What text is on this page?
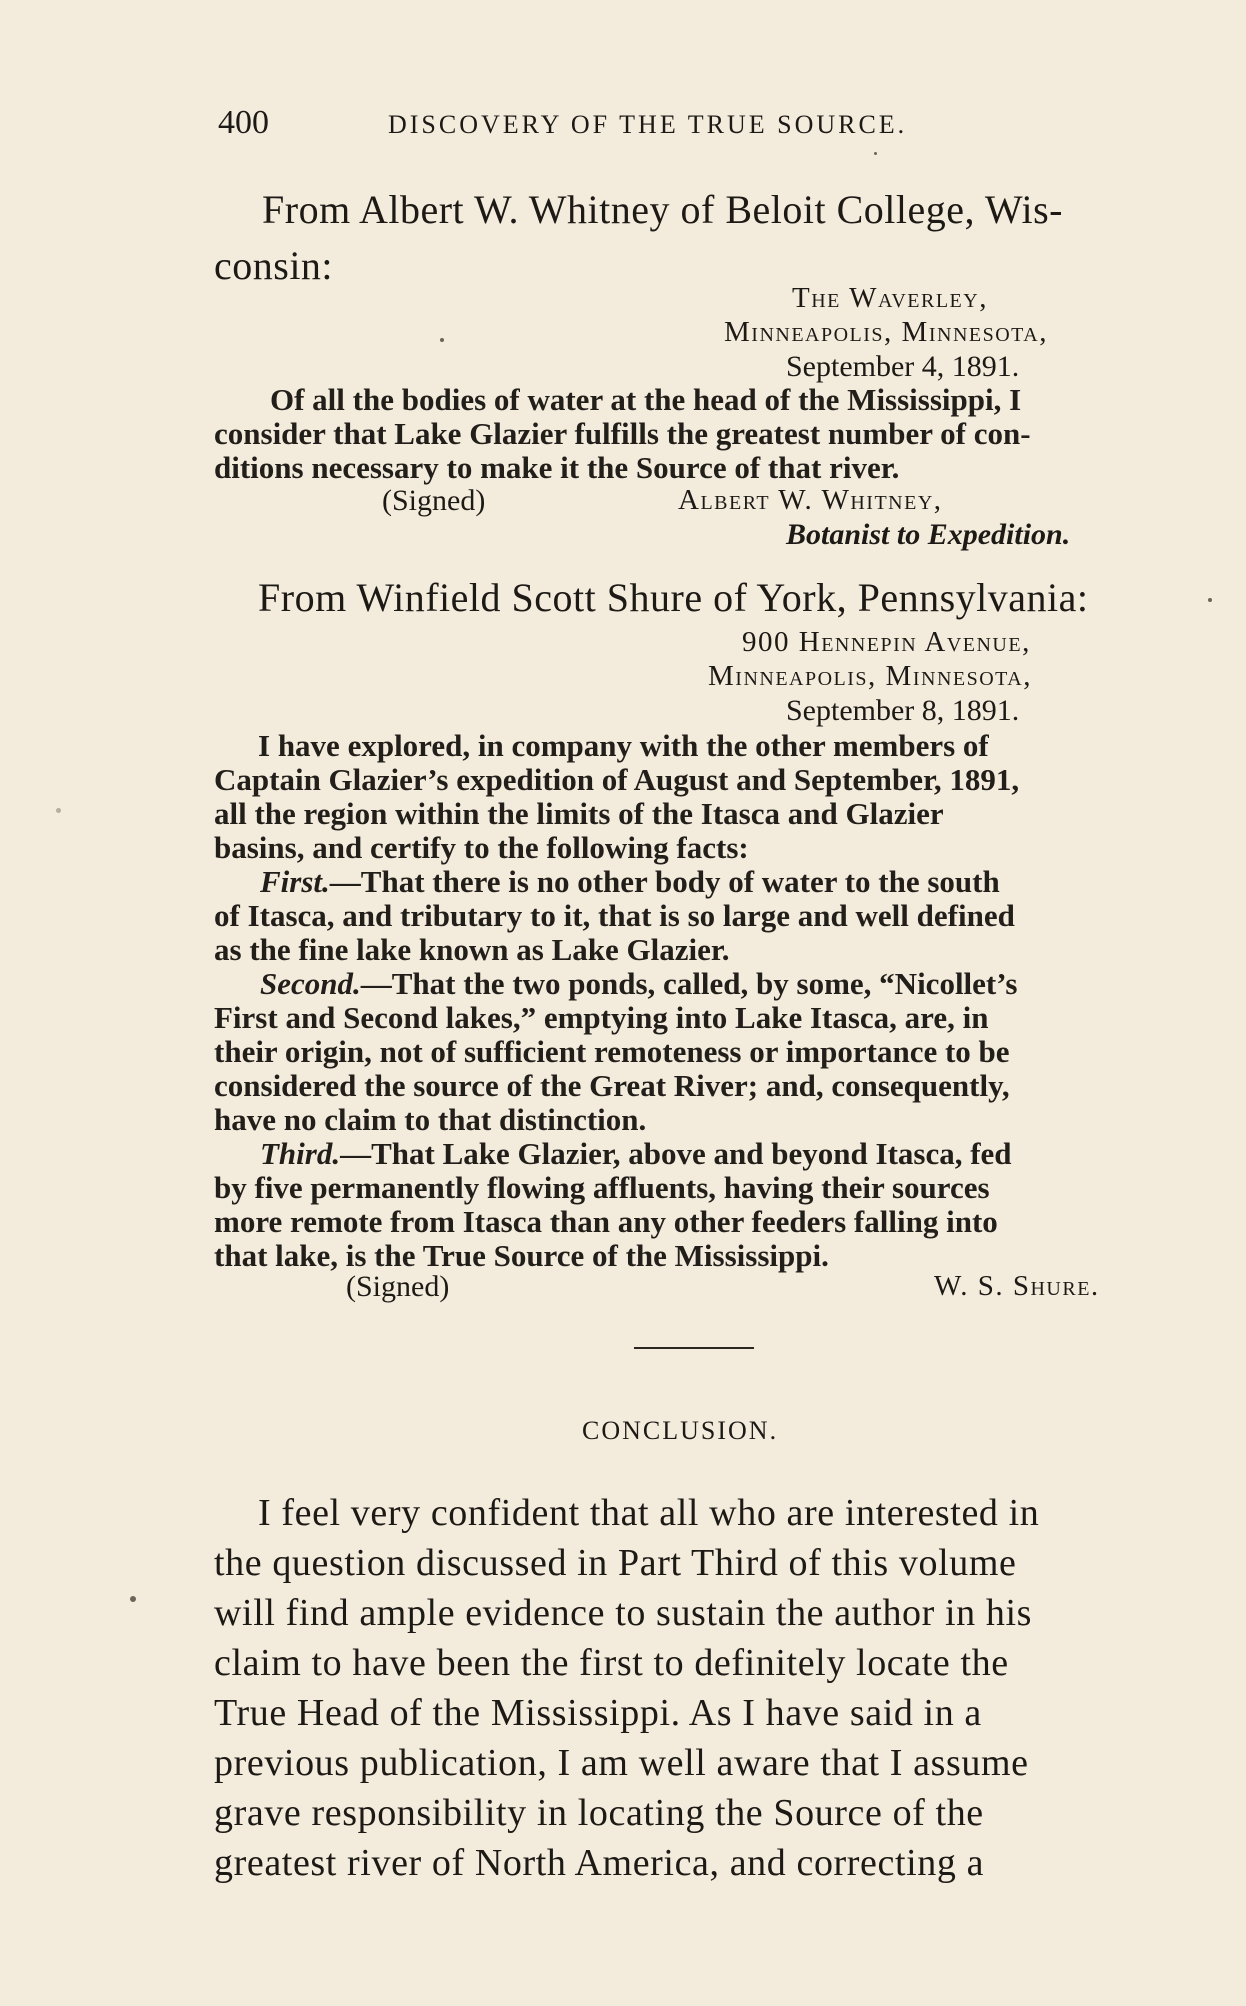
400	DISCOVERY OF THE TRUE SOURCE.
From Albert W. Whitney of Beloit College, Wis-
consin:
The Waverley,
Minneapolis, Minnesota,
September 4, 1891.
Of all the bodies of water at the head of the Mississippi, I
consider that Lake Glazier fulfills the greatest number of con-
ditions necessary to make it the Source of that river.
(Signed)	Albert W. Whitney,
Botanist to Expedition.
From Winfield Scott Shure of York, Pennsylvania:
900 Hennepin Avenue,
Minneapolis, Minnesota,
September 8, 1891.
I have explored, in company with the other members of
Captain Glazier’s expedition of August and September, 1891,
all the region within the limits of the Itasca and Glazier
basins, and certify to the following facts:
First.—That there is no other body of water to the south
of Itasca, and tributary to it, that is so large and well defined
as the fine lake known as Lake Glazier.
Second.—That the two ponds, called, by some, “Nicollet’s
First and Second lakes,” emptying into Lake Itasca, are, in
their origin, not of sufficient remoteness or importance to be
considered the source of the Great River; and, consequently,
have no claim to that distinction.
Third.—That Lake Glazier, above and beyond Itasca, fed
by five permanently flowing affluents, having their sources
more remote from Itasca than any other feeders falling into
that lake, is the True Source of the Mississippi.
(Signed)	W. S. Shure.
CONCLUSION.
I feel very confident that all who are interested in
the question discussed in Part Third of this volume
will find ample evidence to sustain the author in his
claim to have been the first to definitely locate the
True Head of the Mississippi. As I have said in a
previous publication, I am well aware that I assume
grave responsibility in locating the Source of the
greatest river of North America, and correcting a
